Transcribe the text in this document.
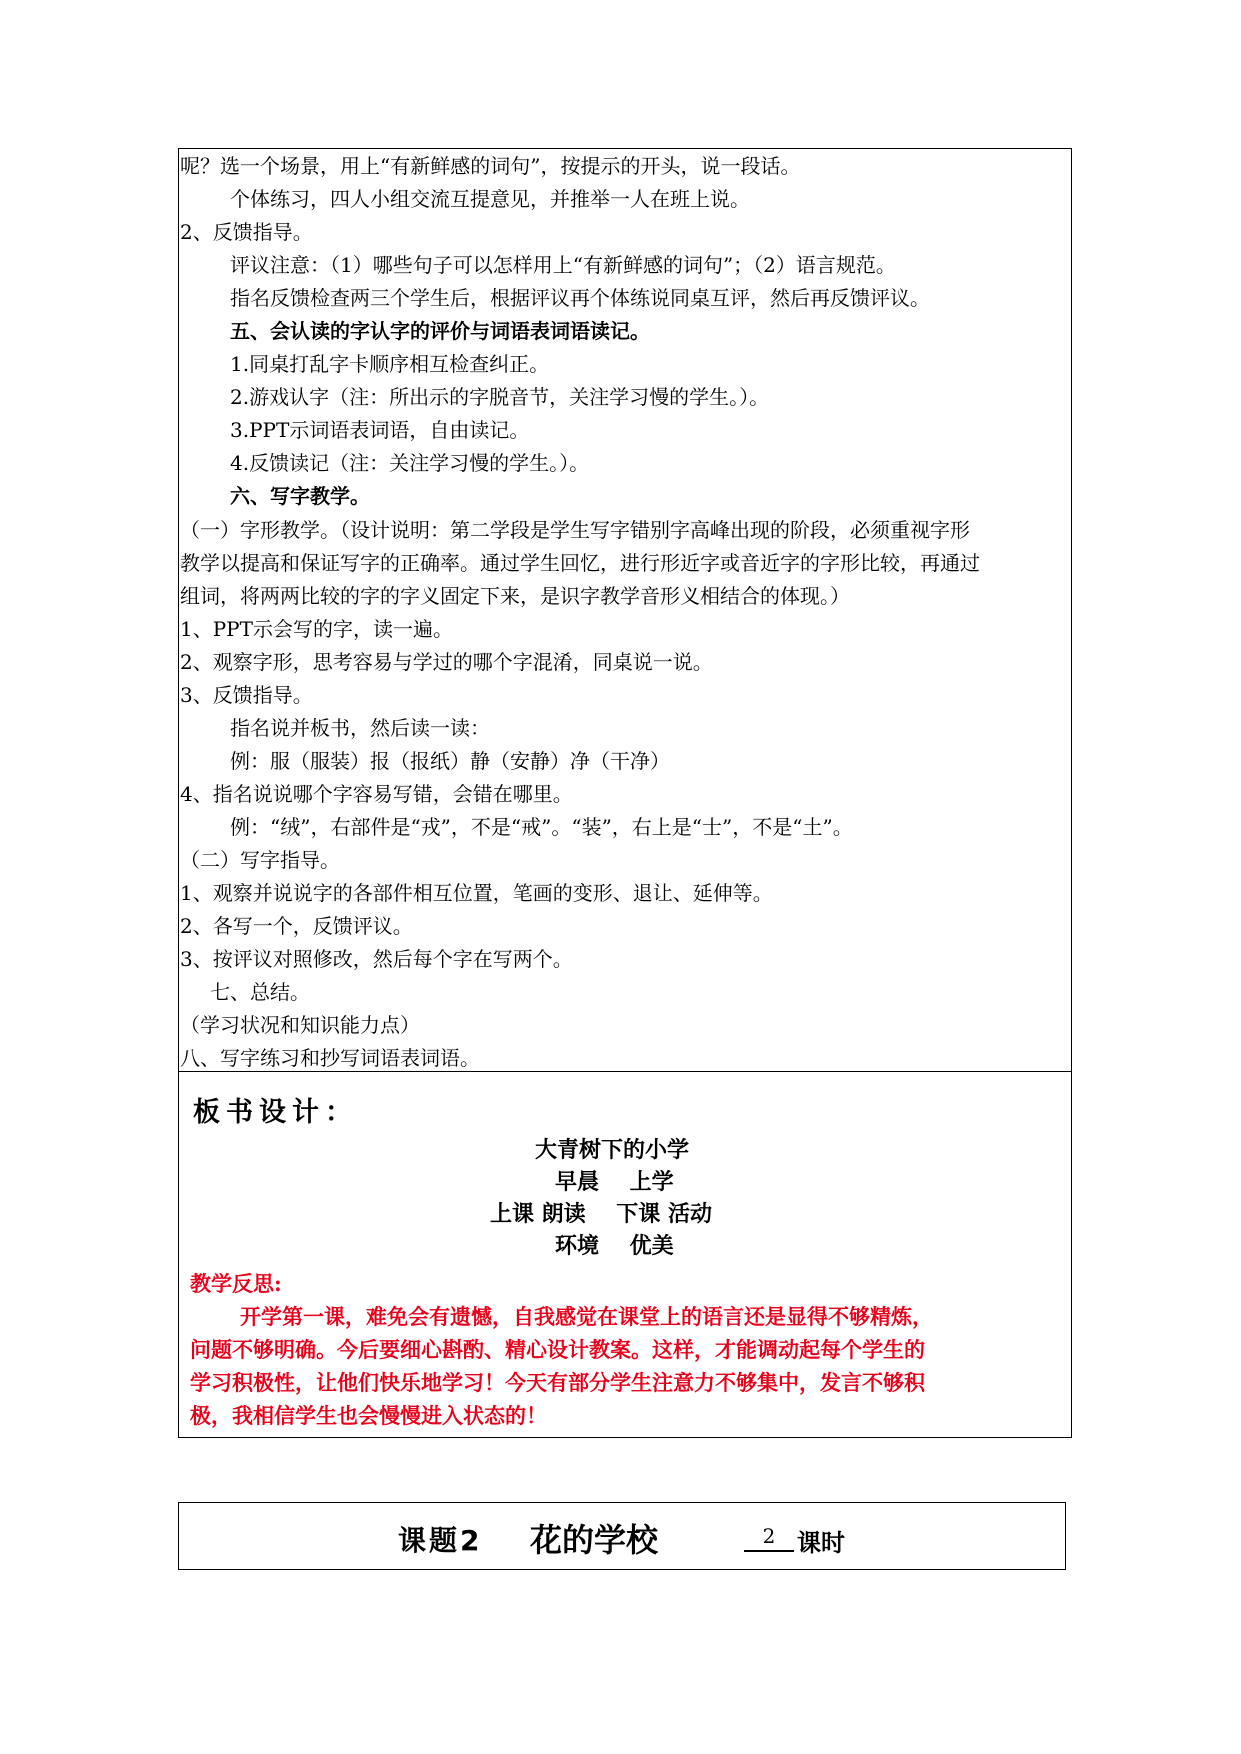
呢？选一个场景，用上“有新鲜感的词句”，按提示的开头，说一段话。
个体练习，四人小组交流互提意见，并推举一人在班上说。
2、反馈指导。
评议注意：（1）哪些句子可以怎样用上“有新鲜感的词句”；（2）语言规范。
指名反馈检查两三个学生后，根据评议再个体练说同桌互评，然后再反馈评议。
五、会认读的字认字的评价与词语表词语读记。
1.同桌打乱字卡顺序相互检查纠正。
2.游戏认字（注：所出示的字脱音节，关注学习慢的学生。）。
3.PPT示词语表词语，自由读记。
4.反馈读记（注：关注学习慢的学生。）。
六、写字教学。
（一）字形教学。（设计说明：第二学段是学生写字错别字高峰出现的阶段，必须重视字形
教学以提高和保证写字的正确率。通过学生回忆，进行形近字或音近字的字形比较，再通过
组词，将两两比较的字的字义固定下来，是识字教学音形义相结合的体现。）
1、PPT示会写的字，读一遍。
2、观察字形，思考容易与学过的哪个字混淆，同桌说一说。
3、反馈指导。
指名说并板书，然后读一读：
例：服（服装）报（报纸）静（安静）净（干净）
4、指名说说哪个字容易写错，会错在哪里。
例：“绒”，右部件是“戎”，不是“戒”。“装”，右上是“士”，不是“土”。
（二）写字指导。
1、观察并说说字的各部件相互位置，笔画的变形、退让、延伸等。
2、各写一个，反馈评议。
3、按评议对照修改，然后每个字在写两个。
七、总结。
（学习状况和知识能力点）
八、写字练习和抄写词语表词语。
板书设计：
大青树下的小学
早晨    上学
上课 朗读    下课 活动
环境    优美
教学反思:
开学第一课，难免会有遗憾，自我感觉在课堂上的语言还是显得不够精炼，
问题不够明确。今后要细心斟酌、精心设计教案。这样，才能调动起每个学生的
学习积极性，让他们快乐地学习！今天有部分学生注意力不够集中，发言不够积
极，我相信学生也会慢慢进入状态的！
课题2 花的学校	2 课时
